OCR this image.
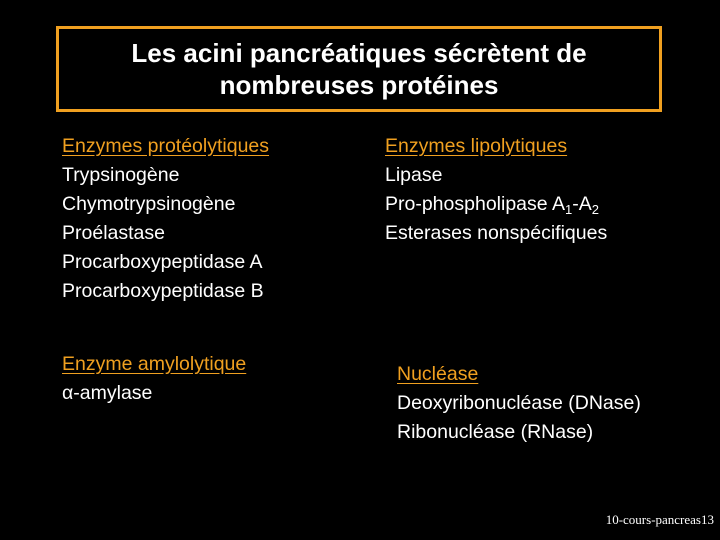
Les acini pancréatiques sécrètent de
nombreuses protéines
Enzymes protéolytiques
Trypsinogène
Chymotrypsinogène
Proélastase
Procarboxypeptidase A
Procarboxypeptidase B
Enzymes lipolytiques
Lipase
Pro-phospholipase $A_1-A_2$
Esterases nonspécifiques
Enzyme amylolytique
α-amylase
Nucléase
Deoxyribonucléase (DNase)
Ribonucléase (RNase)
10-cours-pancreas13
